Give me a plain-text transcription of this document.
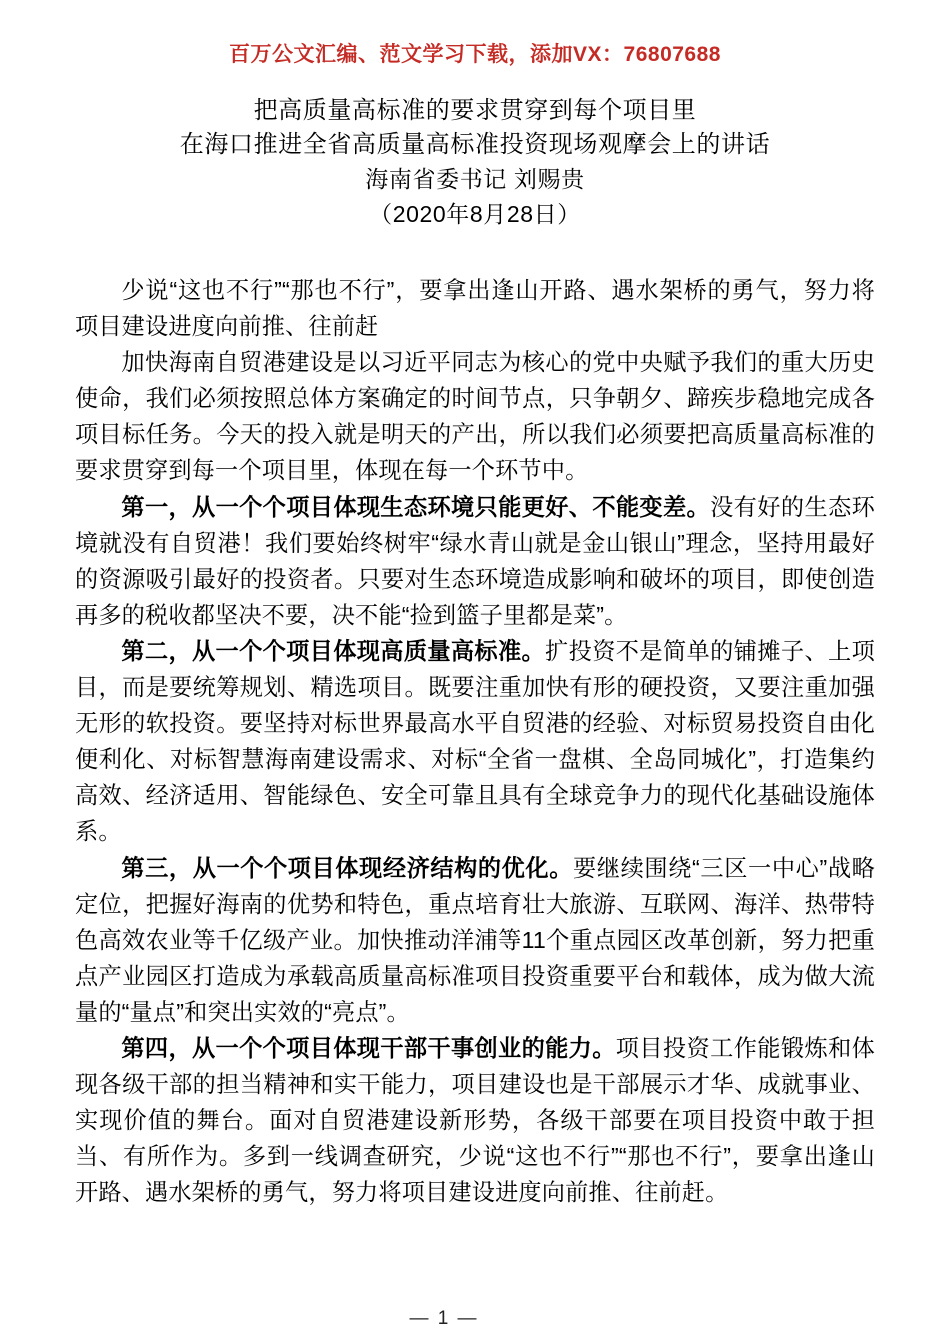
百万公文汇编、范文学习下载，添加VX：76807688
把高质量高标准的要求贯穿到每个项目里
在海口推进全省高质量高标准投资现场观摩会上的讲话
海南省委书记 刘赐贵
（2020年8月28日）

少说“这也不行”“那也不行”，要拿出逢山开路、遇水架桥的勇气，努力将项目建设进度向前推、往前赶

加快海南自贸港建设是以习近平同志为核心的党中央赋予我们的重大历史使命，我们必须按照总体方案确定的时间节点，只争朝夕、蹄疾步稳地完成各项目标任务。今天的投入就是明天的产出，所以我们必须要把高质量高标准的要求贯穿到每一个项目里，体现在每一个环节中。

第一，从一个个项目体现生态环境只能更好、不能变差。没有好的生态环境就没有自贸港！我们要始终树牢“绿水青山就是金山银山”理念，坚持用最好的资源吸引最好的投资者。只要对生态环境造成影响和破坏的项目，即使创造再多的税收都坚决不要，决不能“捡到篮子里都是菜”。

第二，从一个个项目体现高质量高标准。扩投资不是简单的铺摊子、上项目，而是要统筹规划、精选项目。既要注重加快有形的硬投资，又要注重加强无形的软投资。要坚持对标世界最高水平自贸港的经验、对标贸易投资自由化便利化、对标智慧海南建设需求、对标“全省一盘棋、全岛同城化”，打造集约高效、经济适用、智能绿色、安全可靠且具有全球竞争力的现代化基础设施体系。

第三，从一个个项目体现经济结构的优化。要继续围绕“三区一中心”战略定位，把握好海南的优势和特色，重点培育壮大旅游、互联网、海洋、热带特色高效农业等千亿级产业。加快推动洋浦等11个重点园区改革创新，努力把重点产业园区打造成为承载高质量高标准项目投资重要平台和载体，成为做大流量的“量点”和突出实效的“亮点”。

第四，从一个个项目体现干部干事创业的能力。项目投资工作能锻炼和体现各级干部的担当精神和实干能力，项目建设也是干部展示才华、成就事业、实现价值的舞台。面对自贸港建设新形势，各级干部要在项目投资中敢于担当、有所作为。多到一线调查研究，少说“这也不行”“那也不行”，要拿出逢山开路、遇水架桥的勇气，努力将项目建设进度向前推、往前赶。

— 1 —
